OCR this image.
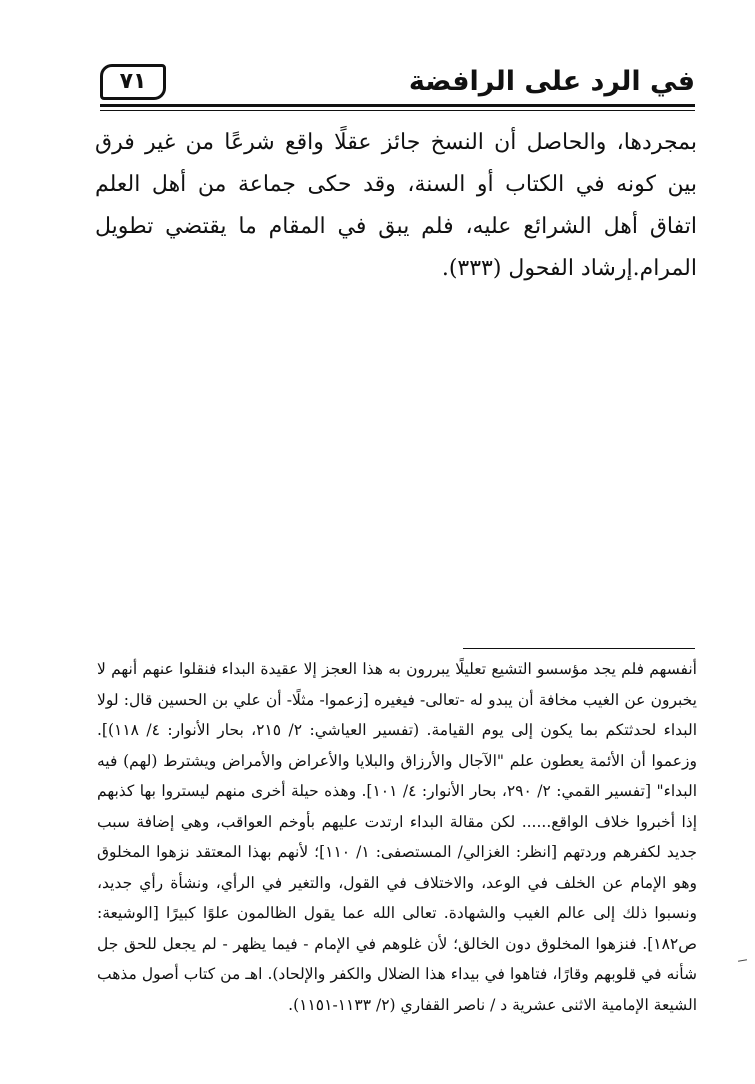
في الرد على الرافضة
٧١

بمجردها، والحاصل أن النسخ جائز عقلًا واقع شرعًا من غير فرق بين كونه في الكتاب أو السنة، وقد حكى جماعة من أهل العلم اتفاق أهل الشرائع عليه، فلم يبق في المقام ما يقتضي تطويل المرام.إرشاد الفحول (٣٣٣).

أنفسهم فلم يجد مؤسسو التشيع تعليلًا يبررون به هذا العجز إلا عقيدة البداء فنقلوا عنهم أنهم لا يخبرون عن الغيب مخافة أن يبدو له -تعالى- فيغيره [زعموا- مثلًا- أن علي بن الحسين قال: لولا البداء لحدثتكم بما يكون إلى يوم القيامة. (تفسير العياشي: ٢/ ٢١٥، بحار الأنوار: ٤/ ١١٨)]. وزعموا أن الأئمة يعطون علم "الآجال والأرزاق والبلايا والأعراض والأمراض ويشترط (لهم) فيه البداء" [تفسير القمي: ٢/ ٢٩٠، بحار الأنوار: ٤/ ١٠١]. وهذه حيلة أخرى منهم ليستروا بها كذبهم إذا أخبروا خلاف الواقع...... لكن مقالة البداء ارتدت عليهم بأوخم العواقب، وهي إضافة سبب جديد لكفرهم وردتهم [انظر: الغزالي/ المستصفى: ١/ ١١٠]؛ لأنهم بهذا المعتقد نزهوا المخلوق وهو الإمام عن الخلف في الوعد، والاختلاف في القول، والتغير في الرأي، ونشأة رأي جديد، ونسبوا ذلك إلى عالم الغيب والشهادة. تعالى الله عما يقول الظالمون علوًا كبيرًا [الوشيعة: ص١٨٢]. فنزهوا المخلوق دون الخالق؛ لأن غلوهم في الإمام - فيما يظهر - لم يجعل للحق جل شأنه في قلوبهم وقارًا، فتاهوا في بيداء هذا الضلال والكفر والإلحاد). اهـ من كتاب أصول مذهب الشيعة الإمامية الاثنى عشرية د / ناصر القفاري (٢/ ١١٣٣-١١٥١).
